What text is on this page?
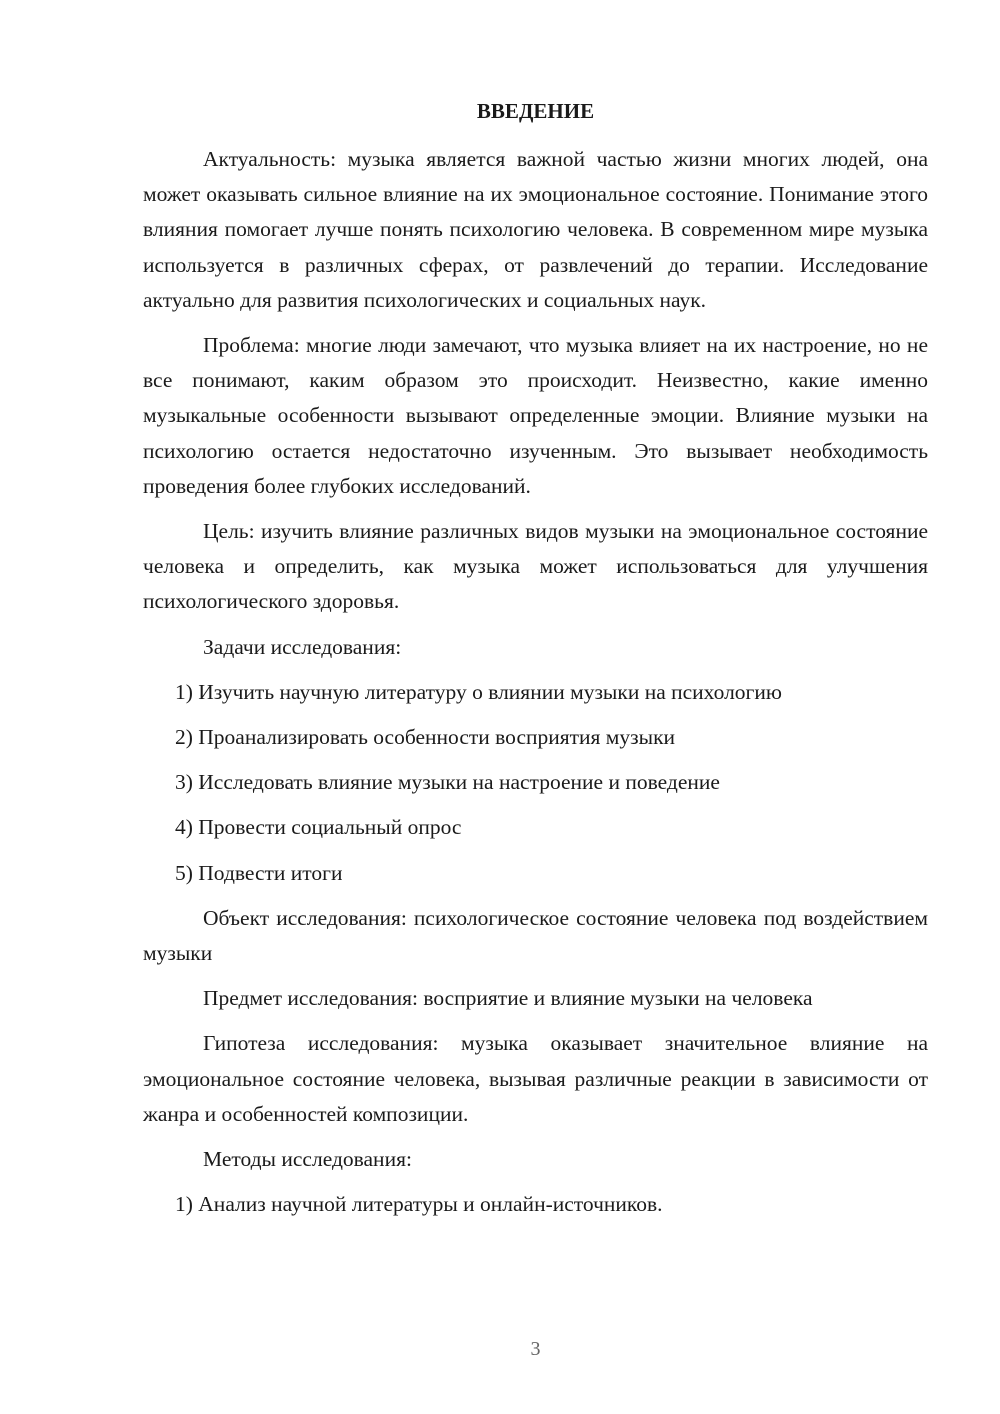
ВВЕДЕНИЕ

Актуальность: музыка является важной частью жизни многих людей, она может оказывать сильное влияние на их эмоциональное состояние. Понимание этого влияния помогает лучше понять психологию человека. В современном мире музыка используется в различных сферах, от развлечений до терапии. Исследование актуально для развития психологических и социальных наук.

Проблема: многие люди замечают, что музыка влияет на их настроение, но не все понимают, каким образом это происходит. Неизвестно, какие именно музыкальные особенности вызывают определенные эмоции. Влияние музыки на психологию остается недостаточно изученным. Это вызывает необходимость проведения более глубоких исследований.

Цель: изучить влияние различных видов музыки на эмоциональное состояние человека и определить, как музыка может использоваться для улучшения психологического здоровья.

Задачи исследования:

1) Изучить научную литературу о влиянии музыки на психологию

2) Проанализировать особенности восприятия музыки

3) Исследовать влияние музыки на настроение и поведение

4) Провести социальный опрос

5) Подвести итоги

Объект исследования: психологическое состояние человека под воздействием музыки

Предмет исследования: восприятие и влияние музыки на человека

Гипотеза исследования: музыка оказывает значительное влияние на эмоциональное состояние человека, вызывая различные реакции в зависимости от жанра и особенностей композиции.

Методы исследования:

1) Анализ научной литературы и онлайн-источников.

3
